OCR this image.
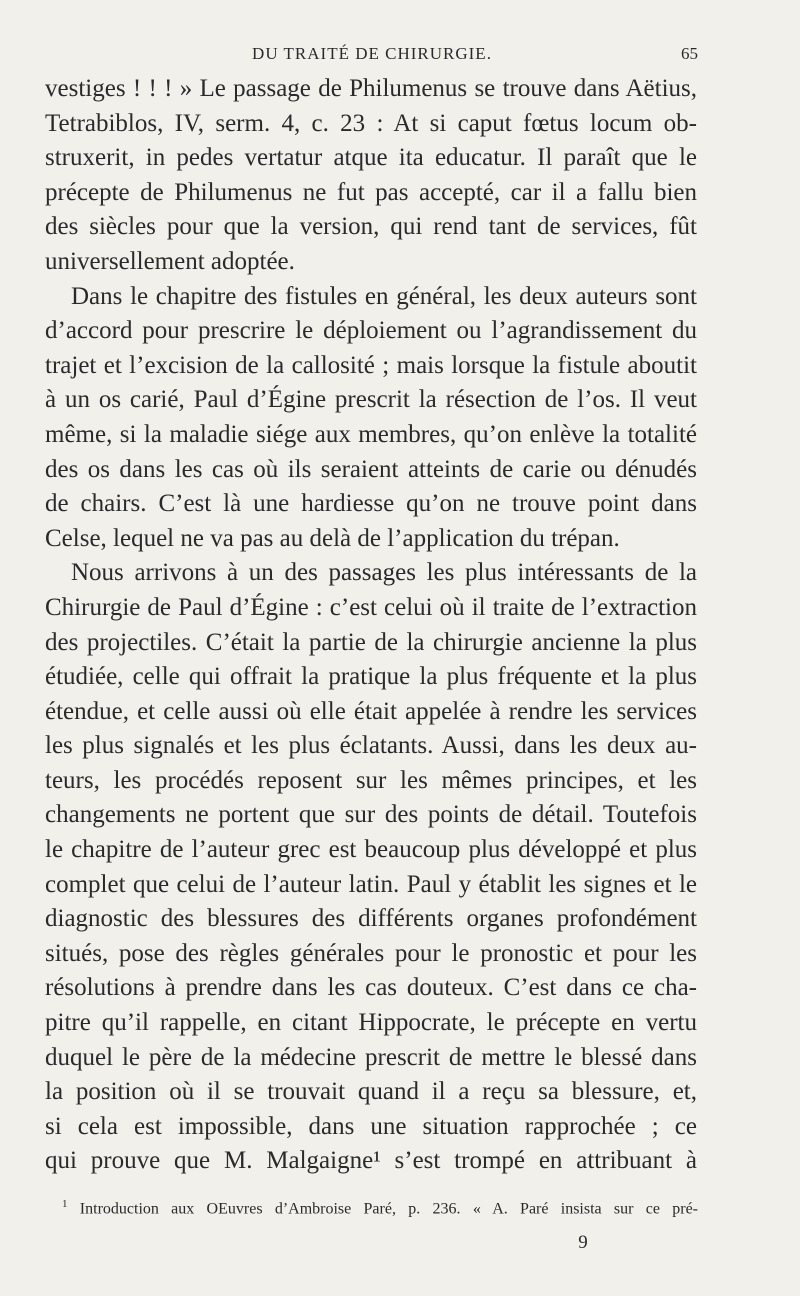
DU TRAITÉ DE CHIRURGIE.	65
vestiges ! ! ! » Le passage de Philumenus se trouve dans Aëtius,
Tetrabiblos, IV, serm. 4, c. 23 : At si caput fœtus locum ob-
struxerit, in pedes vertatur atque ita educatur. Il paraît que le
précepte de Philumenus ne fut pas accepté, car il a fallu bien
des siècles pour que la version, qui rend tant de services, fût
universellement adoptée.
Dans le chapitre des fistules en général, les deux auteurs sont
d’accord pour prescrire le déploiement ou l’agrandissement du
trajet et l’excision de la callosité ; mais lorsque la fistule aboutit
à un os carié, Paul d’Égine prescrit la résection de l’os. Il veut
même, si la maladie siége aux membres, qu’on enlève la totalité
des os dans les cas où ils seraient atteints de carie ou dénudés
de chairs. C’est là une hardiesse qu’on ne trouve point dans
Celse, lequel ne va pas au delà de l’application du trépan.
Nous arrivons à un des passages les plus intéressants de la
Chirurgie de Paul d’Égine : c’est celui où il traite de l’extraction
des projectiles. C’était la partie de la chirurgie ancienne la plus
étudiée, celle qui offrait la pratique la plus fréquente et la plus
étendue, et celle aussi où elle était appelée à rendre les services
les plus signalés et les plus éclatants. Aussi, dans les deux au-
teurs, les procédés reposent sur les mêmes principes, et les
changements ne portent que sur des points de détail. Toutefois
le chapitre de l’auteur grec est beaucoup plus développé et plus
complet que celui de l’auteur latin. Paul y établit les signes et le
diagnostic des blessures des différents organes profondément
situés, pose des règles générales pour le pronostic et pour les
résolutions à prendre dans les cas douteux. C’est dans ce cha-
pitre qu’il rappelle, en citant Hippocrate, le précepte en vertu
duquel le père de la médecine prescrit de mettre le blessé dans
la position où il se trouvait quand il a reçu sa blessure, et,
si cela est impossible, dans une situation rapprochée ; ce
qui prouve que M. Malgaigne¹ s’est trompé en attribuant à
$^1$ Introduction aux OEuvres d’Ambroise Paré, p. 236. « A. Paré insista sur ce pré-
9
